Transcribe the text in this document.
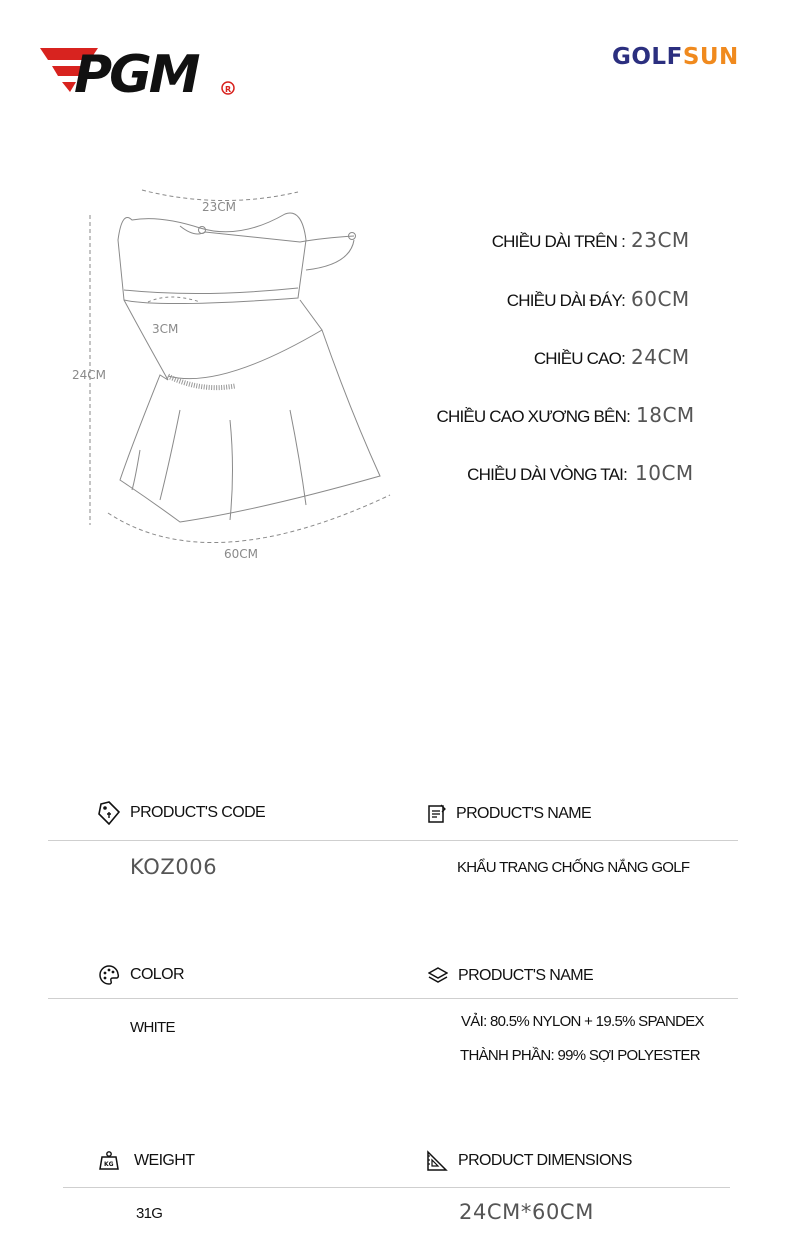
PGM	R
GOLFSUN
23CM
3CM
24CM
60CM
CHIỀU DÀI TRÊN : 23CM
CHIỀU DÀI ĐÁY: 60CM
CHIỀU CAO: 24CM
CHIỀU CAO XƯƠNG BÊN: 18CM
CHIỀU DÀI VÒNG TAI: 10CM
PRODUCT'S CODE	PRODUCT'S NAME
KOZ006	KHẨU TRANG CHỐNG NẮNG GOLF
COLOR	PRODUCT'S NAME
WHITE	VẢI: 80.5% NYLON + 19.5% SPANDEX
THÀNH PHẦN: 99% SỢI POLYESTER
KG WEIGHT	PRODUCT DIMENSIONS
31G	24CM*60CM
